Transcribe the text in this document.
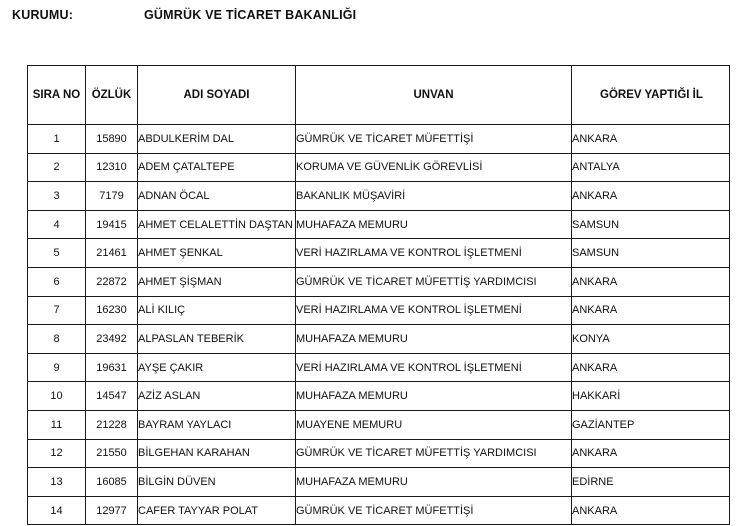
KURUMU:	GÜMRÜK VE TİCARET BAKANLIĞI
SIRA NO	ÖZLÜK	ADI SOYADI	UNVAN	GÖREV YAPTIĞI İL
1	15890	ABDULKERİM DAL	GÜMRÜK VE TİCARET MÜFETTİŞİ	ANKARA
2	12310	ADEM ÇATALTEPE	KORUMA VE GÜVENLİK GÖREVLİSİ	ANTALYA
3	7179	ADNAN ÖCAL	BAKANLIK MÜŞAVİRİ	ANKARA
4	19415	AHMET CELALETTİN DAŞTAN	MUHAFAZA MEMURU	SAMSUN
5	21461	AHMET ŞENKAL	VERİ HAZIRLAMA VE KONTROL İŞLETMENİ	SAMSUN
6	22872	AHMET ŞİŞMAN	GÜMRÜK VE TİCARET MÜFETTİŞ YARDIMCISI	ANKARA
7	16230	ALİ KILIÇ	VERİ HAZIRLAMA VE KONTROL İŞLETMENİ	ANKARA
8	23492	ALPASLAN TEBERİK	MUHAFAZA MEMURU	KONYA
9	19631	AYŞE ÇAKIR	VERİ HAZIRLAMA VE KONTROL İŞLETMENİ	ANKARA
10	14547	AZİZ ASLAN	MUHAFAZA MEMURU	HAKKARİ
11	21228	BAYRAM YAYLACI	MUAYENE MEMURU	GAZİANTEP
12	21550	BİLGEHAN KARAHAN	GÜMRÜK VE TİCARET MÜFETTİŞ YARDIMCISI	ANKARA
13	16085	BİLGİN DÜVEN	MUHAFAZA MEMURU	EDİRNE
14	12977	CAFER TAYYAR POLAT	GÜMRÜK VE TİCARET MÜFETTİŞİ	ANKARA
